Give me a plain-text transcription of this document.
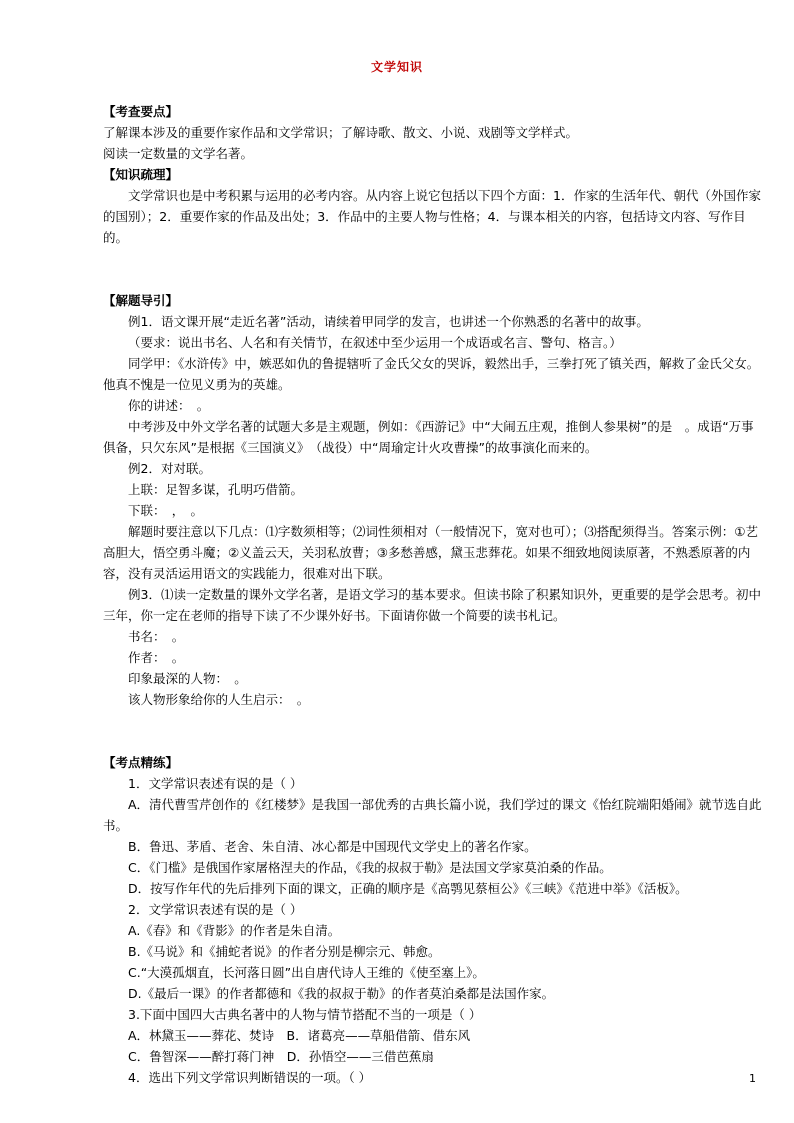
文学知识

【考查要点】

了解课本涉及的重要作家作品和文学常识；了解诗歌、散文、小说、戏剧等文学样式。

阅读一定数量的文学名著。

【知识疏理】

文学常识也是中考积累与运用的必考内容。从内容上说它包括以下四个方面：1．作家的生活年代、朝代（外国作家的国别）；2．重要作家的作品及出处；3．作品中的主要人物与性格；4．与课本相关的内容，包括诗文内容、写作目的。

【解题导引】

例1．语文课开展“走近名著”活动，请续着甲同学的发言，也讲述一个你熟悉的名著中的故事。

（要求：说出书名、人名和有关情节，在叙述中至少运用一个成语或名言、警句、格言。）

同学甲：《水浒传》中，嫉恶如仇的鲁提辖听了金氏父女的哭诉，毅然出手，三拳打死了镇关西，解救了金氏父女。他真不愧是一位见义勇为的英雄。

你的讲述：　。

中考涉及中外文学名著的试题大多是主观题，例如：《西游记》中“大闹五庄观，推倒人参果树”的是　。成语“万事俱备，只欠东风”是根据《三国演义》　（战役）中“周瑜定计火攻曹操”的故事演化而来的。

例2．对对联。

上联：足智多谋，孔明巧借箭。

下联：　，　。

解题时要注意以下几点：⑴字数须相等；⑵词性须相对（一般情况下，宽对也可）；⑶搭配须得当。答案示例：①艺高胆大，悟空勇斗魔；②义盖云天，关羽私放曹；③多愁善感，黛玉悲葬花。如果不细致地阅读原著，不熟悉原著的内容，没有灵活运用语文的实践能力，很难对出下联。

例3．⑴读一定数量的课外文学名著，是语文学习的基本要求。但读书除了积累知识外，更重要的是学会思考。初中三年，你一定在老师的指导下读了不少课外好书。下面请你做一个简要的读书札记。

书名：　。

作者：　。

印象最深的人物：　。

该人物形象给你的人生启示：　。

【考点精练】

1．文学常识表述有误的是（ ）

A．清代曹雪芹创作的《红楼梦》是我国一部优秀的古典长篇小说，我们学过的课文《怡红院端阳婚闹》就节选自此书。

B．鲁迅、茅盾、老舍、朱自清、冰心都是中国现代文学史上的著名作家。

C．《门槛》是俄国作家屠格涅夫的作品，《我的叔叔于勒》是法国文学家莫泊桑的作品。

D．按写作年代的先后排列下面的课文，正确的顺序是《高鹗见蔡桓公》《三峡》《范进中举》《活板》。

2．文学常识表述有误的是（ ）

A.《春》和《背影》的作者是朱自清。

B.《马说》和《捕蛇者说》的作者分别是柳宗元、韩愈。

C.“大漠孤烟直，长河落日圆”出自唐代诗人王维的《使至塞上》。

D.《最后一课》的作者都德和《我的叔叔于勒》的作者莫泊桑都是法国作家。

3.下面中国四大古典名著中的人物与情节搭配不当的一项是（ ）

A．林黛玉——葬花、焚诗　B．诸葛亮——草船借箭、借东风

C．鲁智深——醉打蒋门神　D．孙悟空——三借芭蕉扇

4．选出下列文学常识判断错误的一项。（ ）	1
